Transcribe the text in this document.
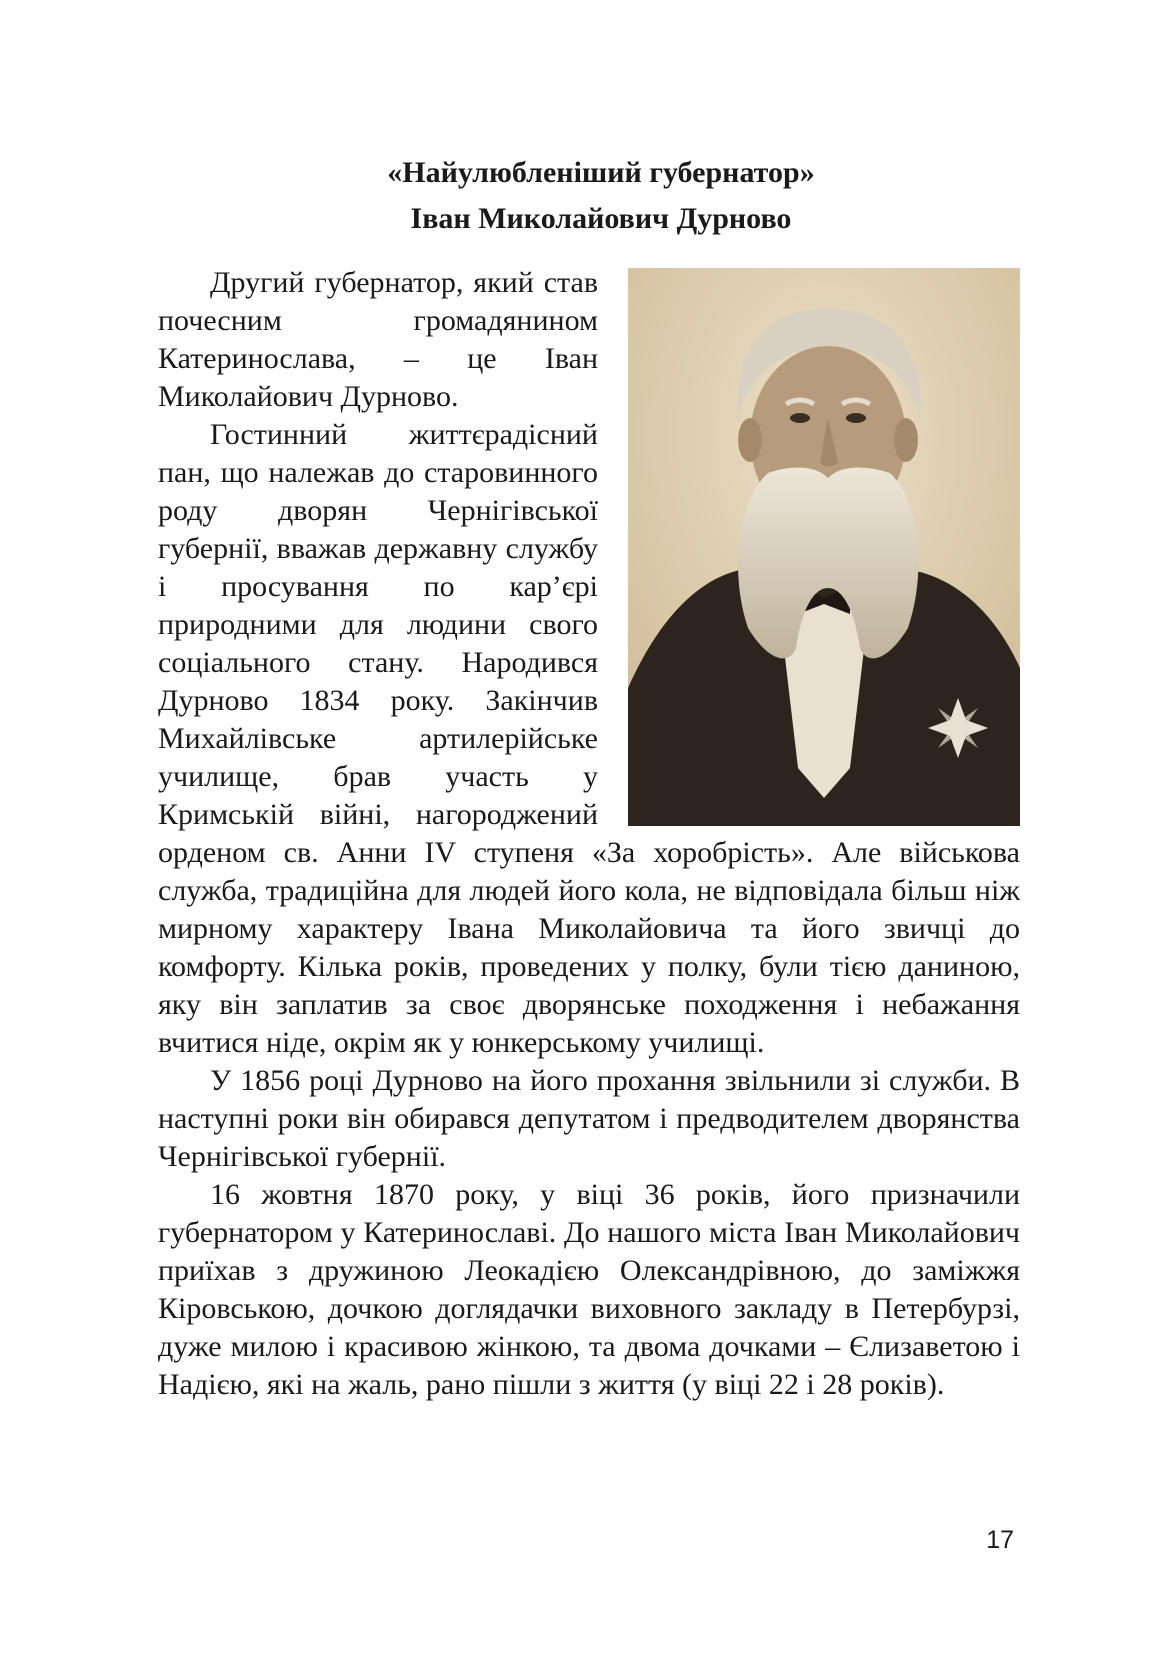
«Найулюбленіший губернатор»
Іван Миколайович Дурново

Другий губернатор, який став почесним громадянином Катеринослава, – це Іван Миколайович Дурново.

Гостинний життєрадісний пан, що належав до старовинного роду дворян Чернігівської губернії, вважав державну службу і просування по кар’єрі природними для людини свого соціального стану. Народився Дурново 1834 року. Закінчив Михайлівське артилерійське училище, брав участь у Кримській війні, нагороджений орденом св. Анни IV ступеня «За хоробрість». Але військова служба, традиційна для людей його кола, не відповідала більш ніж мирному характеру Івана Миколайовича та його звичці до комфорту. Кілька років, проведених у полку, були тією даниною, яку він заплатив за своє дворянське походження і небажання вчитися ніде, окрім як у юнкерському училищі.

У 1856 році Дурново на його прохання звільнили зі служби. В наступні роки він обирався депутатом і предводителем дворянства Чернігівської губернії.

16 жовтня 1870 року, у віці 36 років, його призначили губернатором у Катеринославі. До нашого міста Іван Миколайович приїхав з дружиною Леокадією Олександрівною, до заміжжя Кіровською, дочкою доглядачки виховного закладу в Петербурзі, дуже милою і красивою жінкою, та двома дочками – Єлизаветою і Надією, які на жаль, рано пішли з життя (у віці 22 і 28 років).

17
